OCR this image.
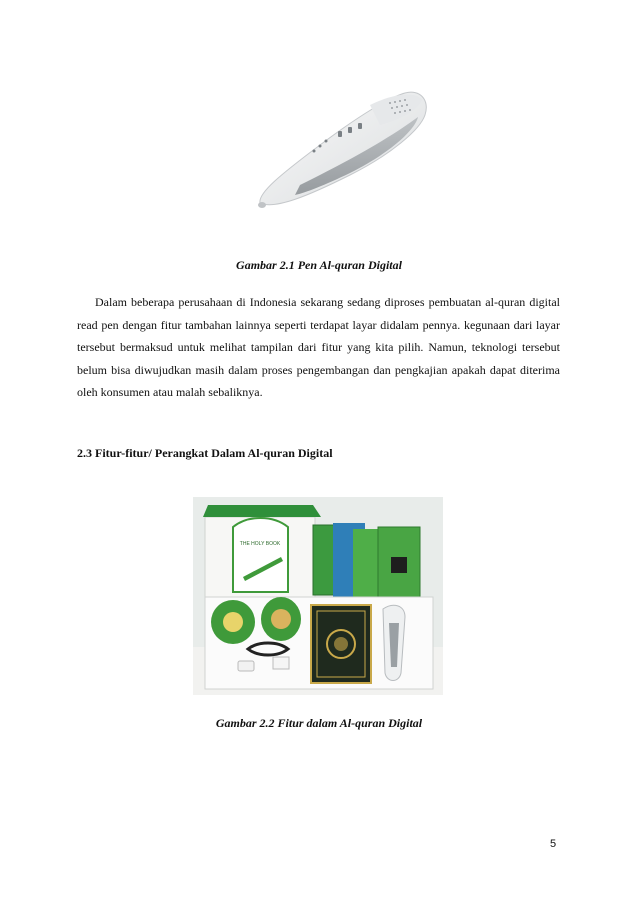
Gambar 2.1 Pen Al-quran Digital
Dalam beberapa perusahaan di Indonesia sekarang sedang diproses pembuatan al-quran digital read pen dengan fitur tambahan lainnya seperti terdapat layar didalam pennya. kegunaan dari layar tersebut bermaksud untuk melihat tampilan dari fitur yang kita pilih. Namun, teknologi tersebut belum bisa diwujudkan masih dalam proses pengembangan dan pengkajian apakah dapat diterima oleh konsumen atau malah sebaliknya.
2.3 Fitur-fitur/ Perangkat Dalam Al-quran Digital
THE HOLY BOOK
Gambar 2.2 Fitur dalam Al-quran Digital
5
